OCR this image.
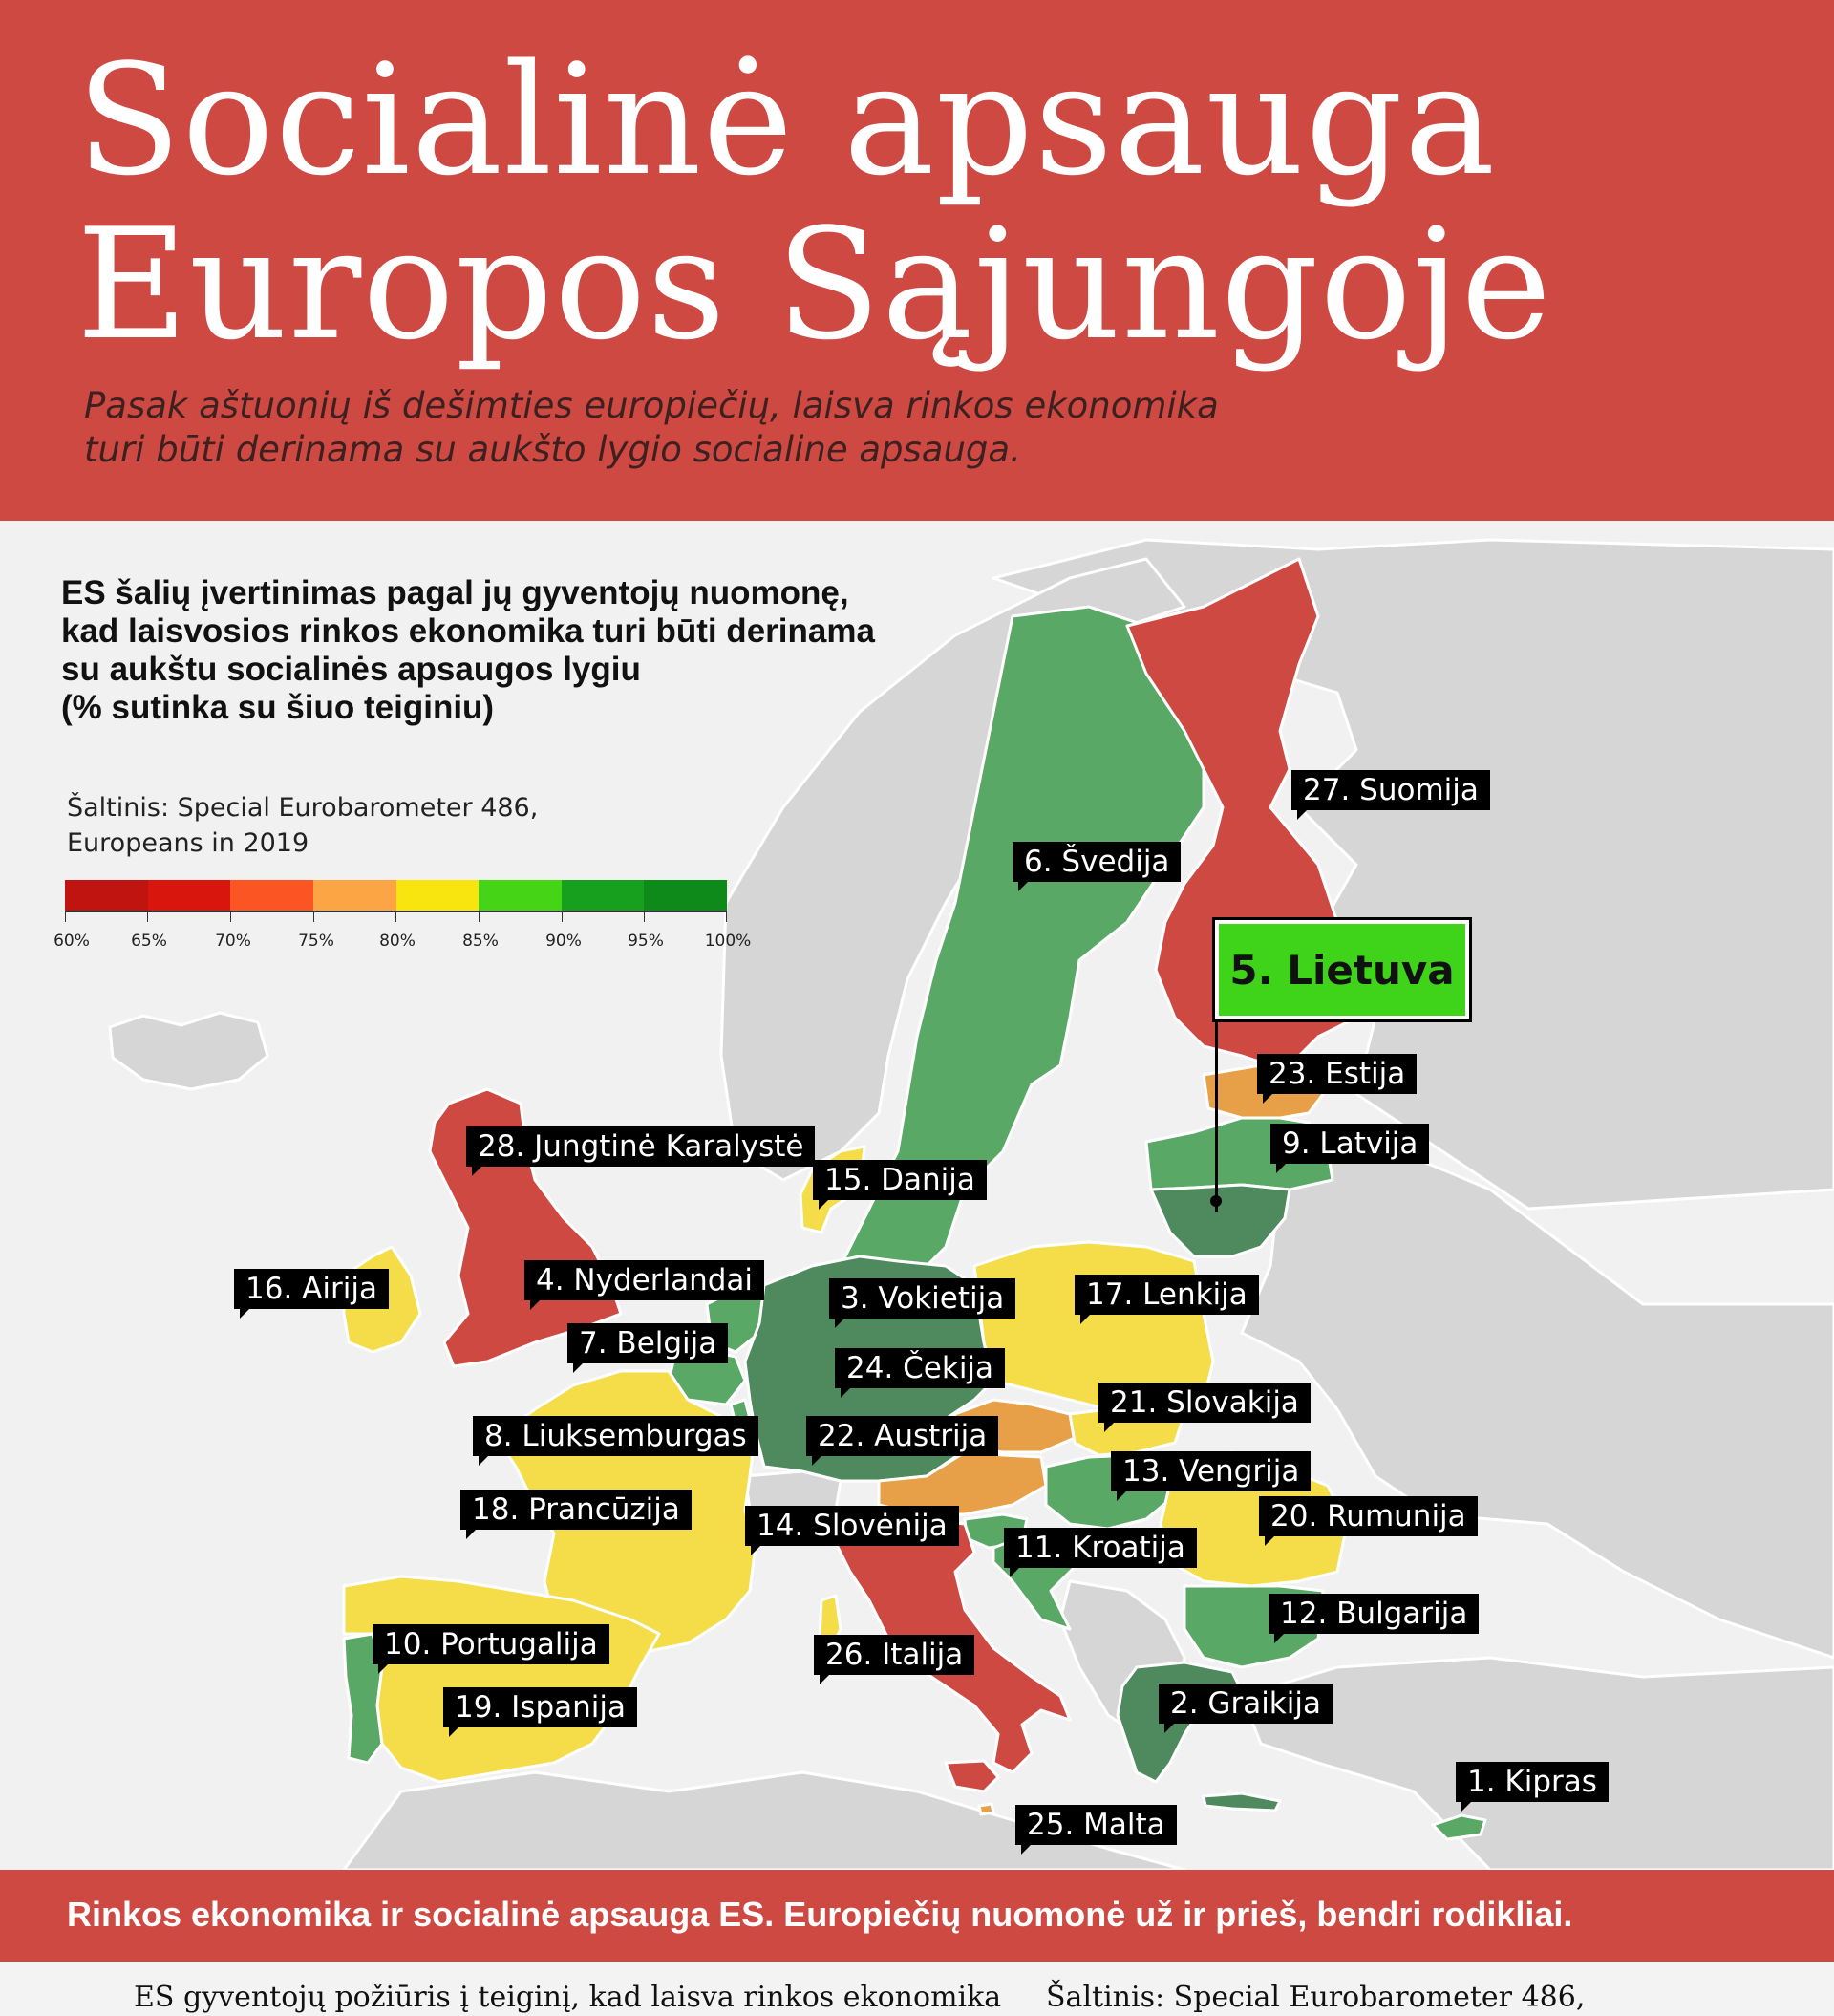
Socialinė apsauga
Europos Sąjungoje
Pasak aštuonių iš dešimties europiečių, laisva rinkos ekonomika
turi būti derinama su aukšto lygio socialine apsauga.
ES šalių įvertinimas pagal jų gyventojų nuomonę,
kad laisvosios rinkos ekonomika turi būti derinama
su aukštu socialinės apsaugos lygiu
(% sutinka su šiuo teiginiu)
Šaltinis: Special Eurobarometer 486,
Europeans in 2019
60%	65%	70%	75%	80%	85%	90%	95%	100%
5. Lietuva
27. Suomija
6. Švedija
23. Estija
9. Latvija
28. Jungtinė Karalystė
15. Danija
16. Airija	4. Nyderlandai
3. Vokietija	17. Lenkija
7. Belgija
24. Čekija
21. Slovakija
8. Liuksemburgas	22. Austrija
13. Vengrija
18. Prancūzija	14. Slovėnija	20. Rumunija
11. Kroatija
12. Bulgarija
10. Portugalija	26. Italija
19. Ispanija	2. Graikija
1. Kipras
25. Malta
Rinkos ekonomika ir socialinė apsauga ES. Europiečių nuomonė už ir prieš, bendri rodikliai.
ES gyventojų požiūris į teiginį, kad laisva rinkos ekonomika Šaltinis: Special Eurobarometer 486,
